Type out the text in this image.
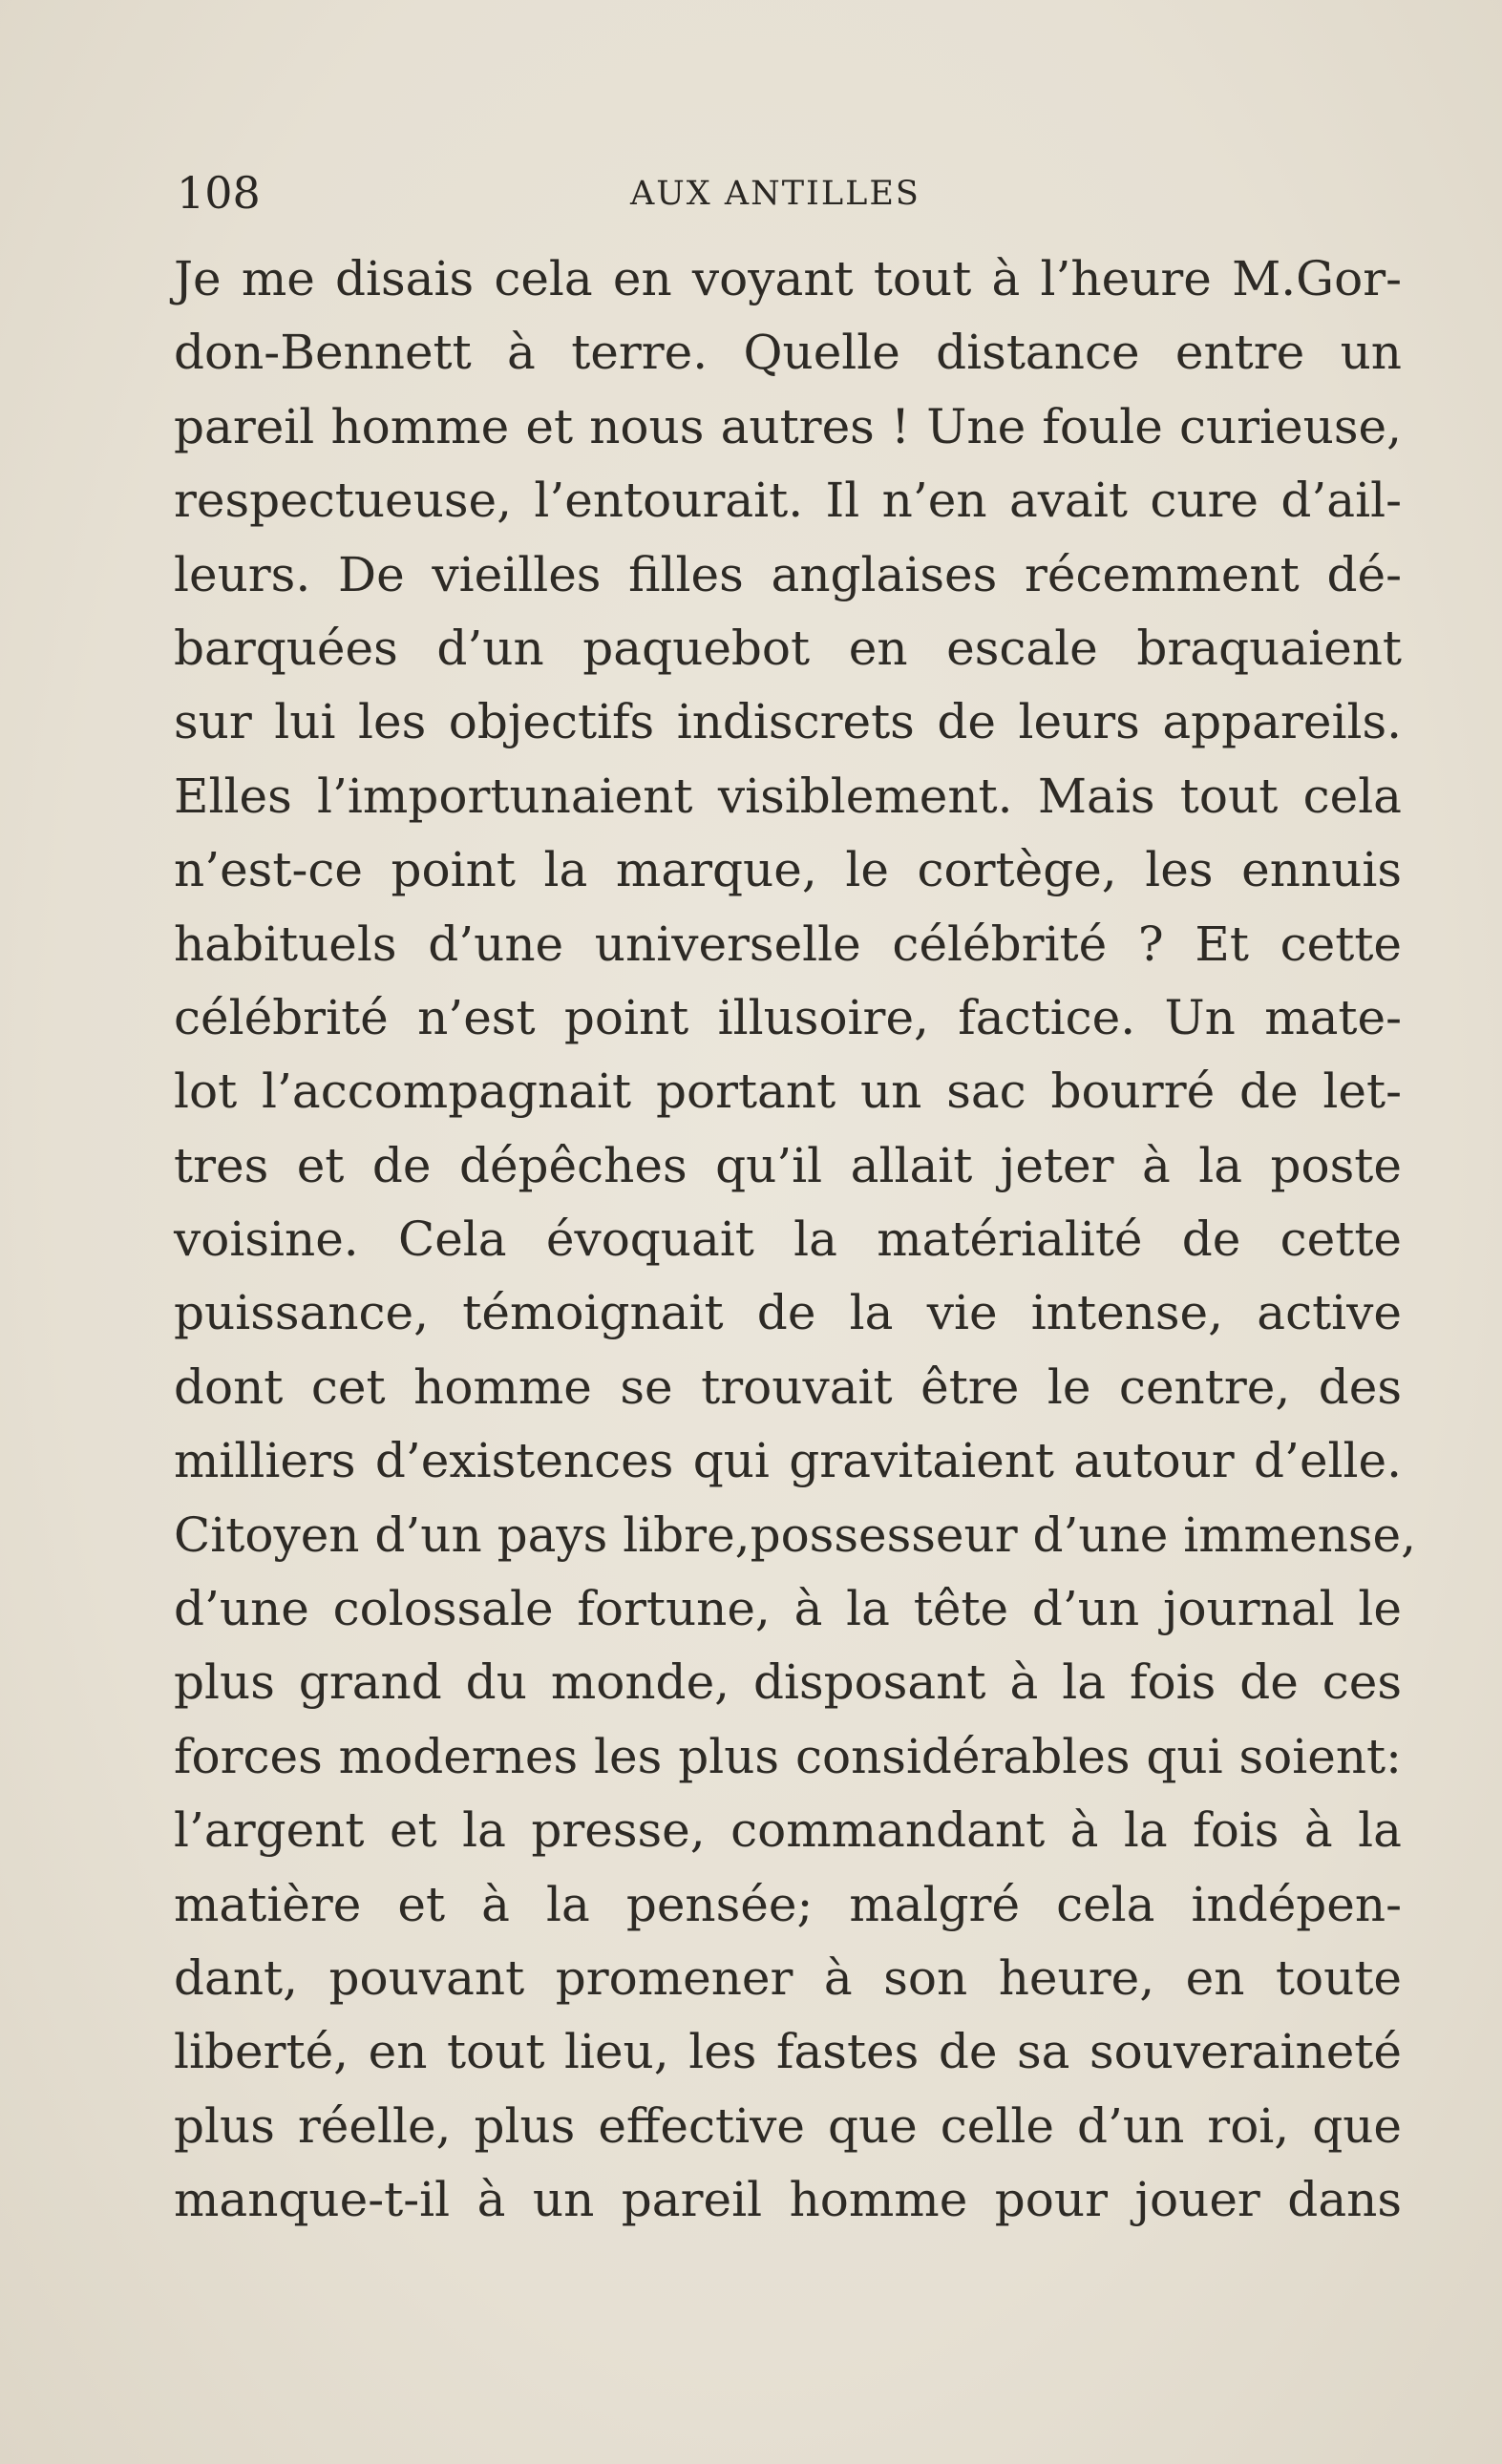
108	AUX ANTILLES
Je me disais cela en voyant tout à l’heure M.Gor-
don-Bennett à terre. Quelle distance entre un
pareil homme et nous autres ! Une foule curieuse,
respectueuse, l’entourait. Il n’en avait cure d’ail-
leurs. De vieilles filles anglaises récemment dé-
barquées d’un paquebot en escale braquaient
sur lui les objectifs indiscrets de leurs appareils.
Elles l’importunaient visiblement. Mais tout cela
n’est-ce point la marque, le cortège, les ennuis
habituels d’une universelle célébrité ? Et cette
célébrité n’est point illusoire, factice. Un mate-
lot l’accompagnait portant un sac bourré de let-
tres et de dépêches qu’il allait jeter à la poste
voisine. Cela évoquait la matérialité de cette
puissance, témoignait de la vie intense, active
dont cet homme se trouvait être le centre, des
milliers d’existences qui gravitaient autour d’elle.
Citoyen d’un pays libre,possesseur d’une immense,
d’une colossale fortune, à la tête d’un journal le
plus grand du monde, disposant à la fois de ces
forces modernes les plus considérables qui soient:
l’argent et la presse, commandant à la fois à la
matière et à la pensée; malgré cela indépen-
dant, pouvant promener à son heure, en toute
liberté, en tout lieu, les fastes de sa souveraineté
plus réelle, plus effective que celle d’un roi, que
manque-t-il à un pareil homme pour jouer dans
